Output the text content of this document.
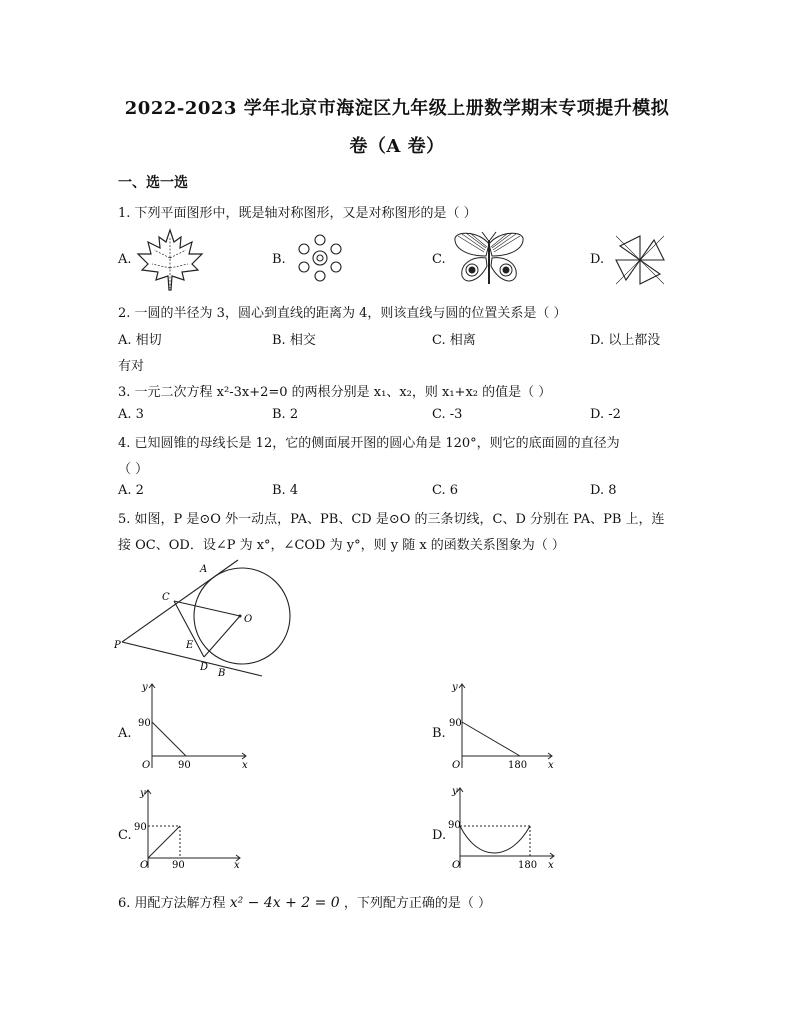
2022-2023 学年北京市海淀区九年级上册数学期末专项提升模拟
卷（A 卷）
一、选一选
1. 下列平面图形中，既是轴对称图形，又是对称图形的是（ ）
A.	B.	C.	D.
2. 一圆的半径为 3，圆心到直线的距离为 4，则该直线与圆的位置关系是（ ）
A. 相切	B. 相交	C. 相离	D. 以上都没
有对
3. 一元二次方程 x²-3x+2=0 的两根分别是 x₁、x₂，则 x₁+x₂ 的值是（ ）
A. 3	B. 2	C. -3	D. -2
4. 已知圆锥的母线长是 12，它的侧面展开图的圆心角是 120°，则它的底面圆的直径为
（ ）
A. 2	B. 4	C. 6	D. 8
5. 如图，P 是⊙O 外一动点，PA、PB、CD 是⊙O 的三条切线，C、D 分别在 PA、PB 上，连
接 OC、OD．设∠P 为 x°，∠COD 为 y°，则 y 随 x 的函数关系图象为（ ）
A
C
O
P	E
D
B
A.	B.
C.	D.
y
x
O
90
90
y
x
O
90
180
y
x
O
90
90
y
x
O
90
180
6. 用配方法解方程 x² − 4x + 2 = 0 ，下列配方正确的是（ ）
